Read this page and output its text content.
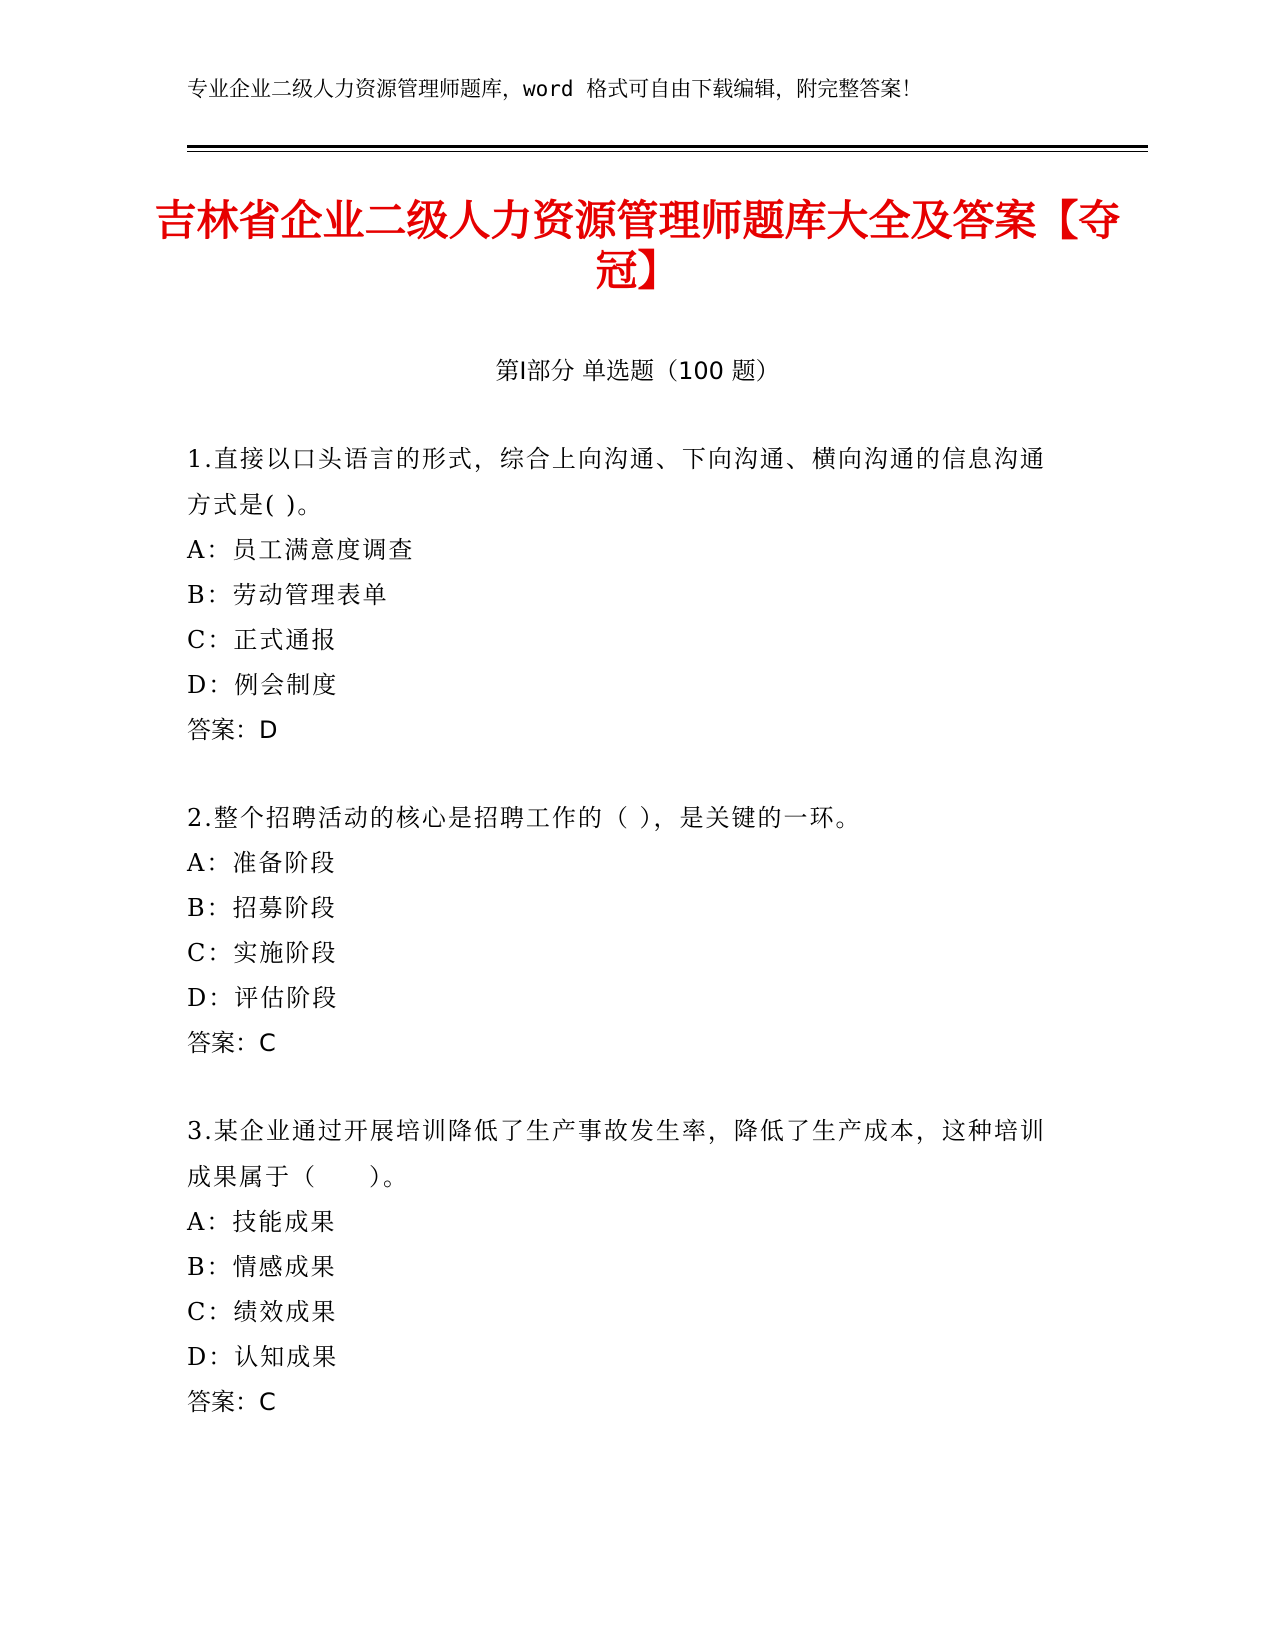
专业企业二级人力资源管理师题库，word 格式可自由下载编辑，附完整答案！
吉林省企业二级人力资源管理师题库大全及答案【夺冠】
第Ⅰ部分 单选题（100 题）
1.直接以口头语言的形式，综合上向沟通、下向沟通、横向沟通的信息沟通方式是( )。
A：员工满意度调查
B：劳动管理表单
C：正式通报
D：例会制度
答案：D
2.整个招聘活动的核心是招聘工作的（ ），是关键的一环。
A：准备阶段
B：招募阶段
C：实施阶段
D：评估阶段
答案：C
3.某企业通过开展培训降低了生产事故发生率，降低了生产成本，这种培训成果属于（　　）。
A：技能成果
B：情感成果
C：绩效成果
D：认知成果
答案：C
